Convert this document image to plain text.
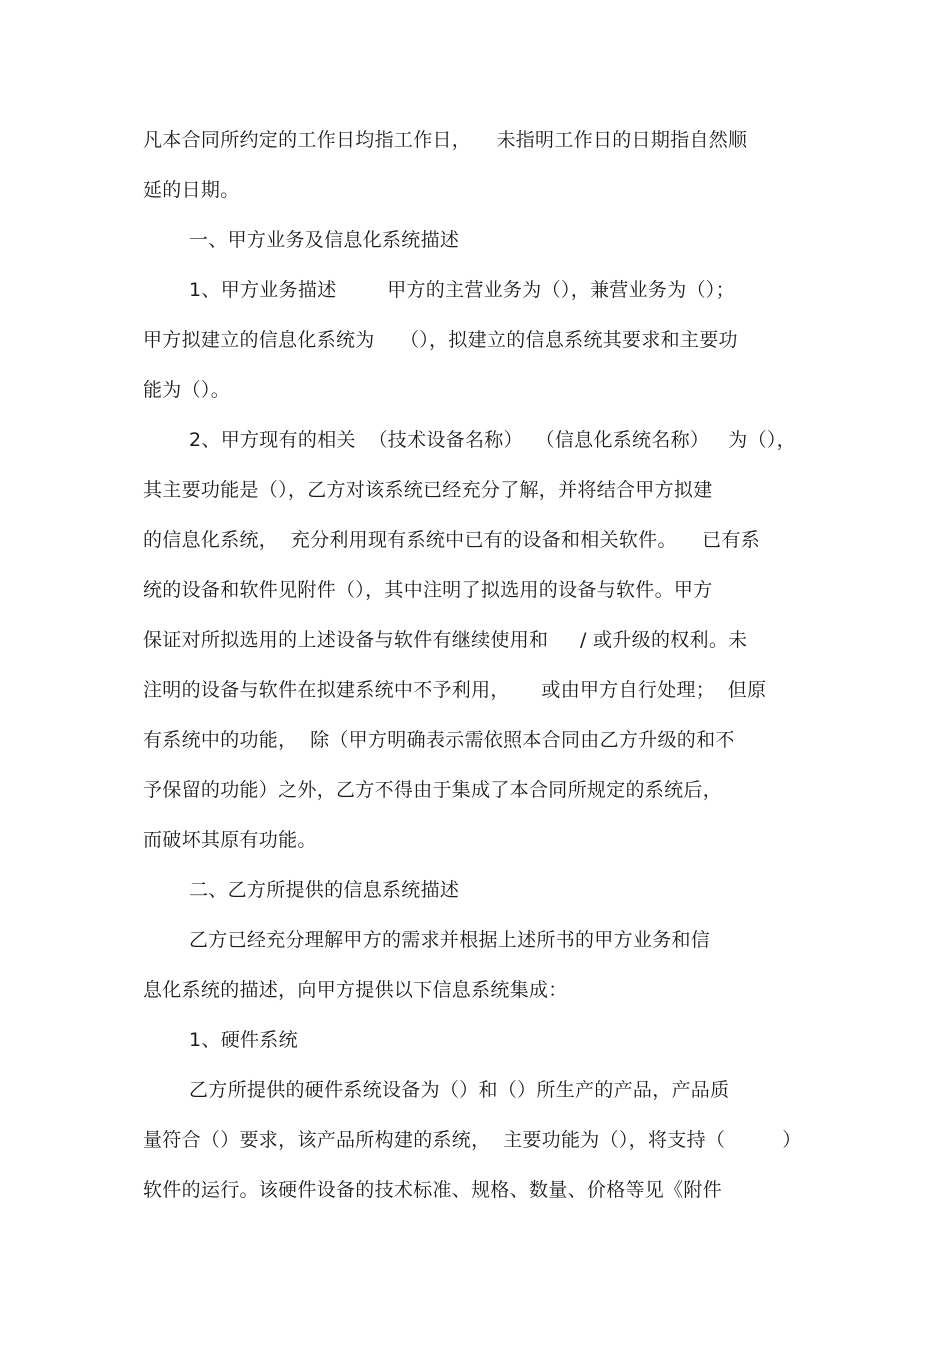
凡本合同所约定的工作日均指工作日，    未指明工作日的日期指自然顺
延的日期。
一、甲方业务及信息化系统描述
1、甲方业务描述        甲方的主营业务为（），兼营业务为（）；
甲方拟建立的信息化系统为    （），拟建立的信息系统其要求和主要功
能为（）。
2、甲方现有的相关  （技术设备名称）  （信息化系统名称）   为（），
其主要功能是（），乙方对该系统已经充分了解，并将结合甲方拟建
的信息化系统，  充分利用现有系统中已有的设备和相关软件。    已有系
统的设备和软件见附件（），其中注明了拟选用的设备与软件。甲方
保证对所拟选用的上述设备与软件有继续使用和     / 或升级的权利。未
注明的设备与软件在拟建系统中不予利用，     或由甲方自行处理；  但原
有系统中的功能，  除（甲方明确表示需依照本合同由乙方升级的和不
予保留的功能）之外，乙方不得由于集成了本合同所规定的系统后，
而破坏其原有功能。
二、乙方所提供的信息系统描述
乙方已经充分理解甲方的需求并根据上述所书的甲方业务和信
息化系统的描述，向甲方提供以下信息系统集成：
1、硬件系统
乙方所提供的硬件系统设备为（）和（）所生产的产品，产品质
量符合（）要求，该产品所构建的系统，  主要功能为（），将支持（         ）
软件的运行。该硬件设备的技术标准、规格、数量、价格等见《附件
